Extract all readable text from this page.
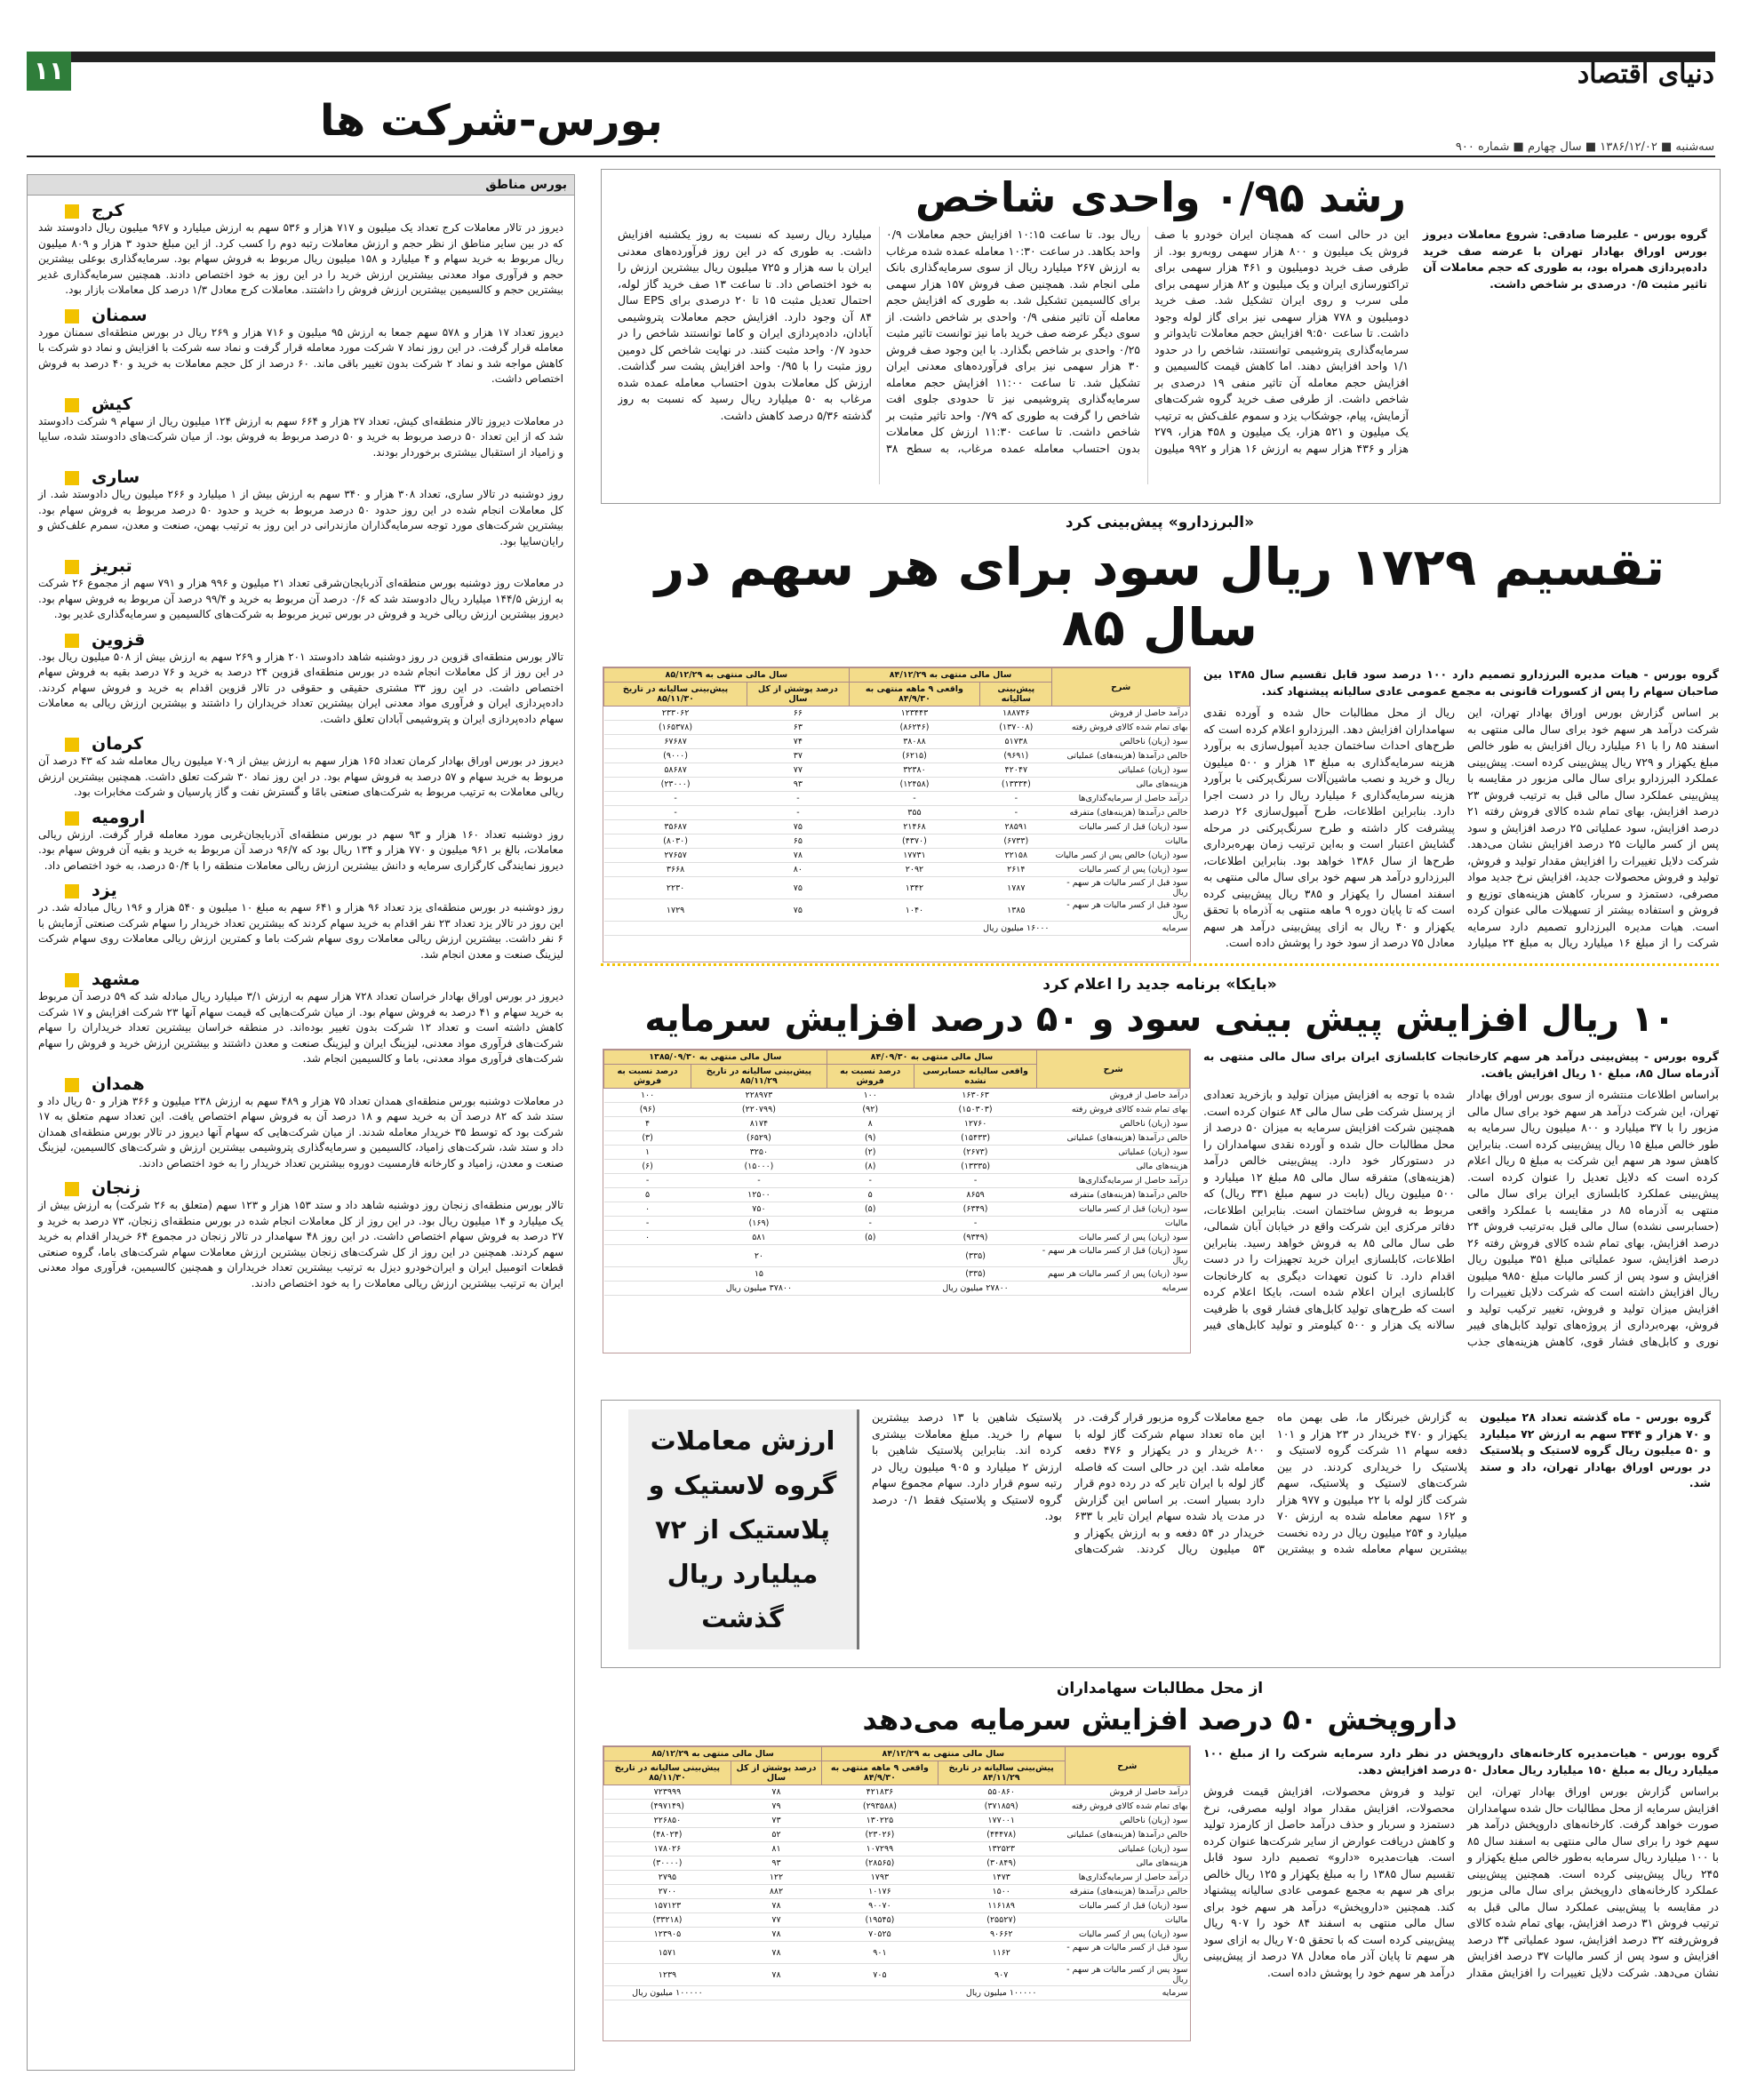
۱۱
بورس-شرکت ها
دنیای اقتصاد
سه‌شنبه ■ ۱۳۸۶/۱۲/۰۲ ■ سال چهارم ■ شماره ۹۰۰
بورس مناطق
کرج
دیروز در تالار معاملات کرج تعداد یک میلیون و ۷۱۷ هزار و ۵۳۶ سهم به ارزش میلیارد و ۹۶۷ میلیون ریال دادوستد شد که در بین سایر مناطق از نظر حجم و ارزش معاملات رتبه دوم را کسب کرد. از این مبلغ حدود ۳ هزار و ۸۰۹ میلیون ریال مربوط به خرید سهام و ۴ میلیارد و ۱۵۸ میلیون ریال مربوط به فروش سهام بود. سرمایه‌گذاری بوعلی بیشترین حجم و فرآوری مواد معدنی بیشترین ارزش خرید را در این روز به خود اختصاص دادند. همچنین سرمایه‌گذاری غدیر بیشترین حجم و کالسیمین بیشترین ارزش فروش را داشتند. معاملات کرج معادل ۱/۳ درصد کل معاملات بازار بود.
سمنان
دیروز تعداد ۱۷ هزار و ۵۷۸ سهم جمعا به ارزش ۹۵ میلیون و ۷۱۶ هزار و ۲۶۹ ریال در بورس منطقه‌ای سمنان مورد معامله قرار گرفت. در این روز نماد ۷ شرکت مورد معامله قرار گرفت و نماد سه شرکت با افزایش و نماد دو شرکت با کاهش مواجه شد و نماد ۲ شرکت بدون تغییر باقی ماند. ۶۰ درصد از کل حجم معاملات به خرید و ۴۰ درصد به فروش اختصاص داشت.
کیش
در معاملات دیروز تالار منطقه‌ای کیش، تعداد ۲۷ هزار و ۶۶۴ سهم به ارزش ۱۲۴ میلیون ریال از سهام ۹ شرکت دادوستد شد که از این تعداد ۵۰ درصد مربوط به خرید و ۵۰ درصد مربوط به فروش بود. از میان شرکت‌های دادوستد شده، سایپا و زامیاد از استقبال بیشتری برخوردار بودند.
ساری
روز دوشنبه در تالار ساری، تعداد ۳۰۸ هزار و ۳۴۰ سهم به ارزش بیش از ۱ میلیارد و ۲۶۶ میلیون ریال دادوستد شد. از کل معاملات انجام شده در این روز حدود ۵۰ درصد مربوط به خرید و حدود ۵۰ درصد مربوط به فروش سهام بود. بیشترین شرکت‌های مورد توجه سرمایه‌گذاران مازندرانی در این روز به ترتیب بهمن، صنعت و معدن، سمرم علف‌کش و رایان‌سایپا بود.
تبریز
در معاملات روز دوشنبه بورس منطقه‌ای آذربایجان‌شرقی تعداد ۲۱ میلیون و ۹۹۶ هزار و ۷۹۱ سهم از مجموع ۲۶ شرکت به ارزش ۱۴۴/۵ میلیارد ریال دادوستد شد که ۰/۶ درصد آن مربوط به خرید و ۹۹/۴ درصد آن مربوط به فروش سهام بود. دیروز بیشترین ارزش ریالی خرید و فروش در بورس تبریز مربوط به شرکت‌های کالسیمین و سرمایه‌گذاری غدیر بود.
قزوین
تالار بورس منطقه‌ای قزوین در روز دوشنبه شاهد دادوستد ۲۰۱ هزار و ۲۶۹ سهم به ارزش بیش از ۵۰۸ میلیون ریال بود. در این روز از کل معاملات انجام شده در بورس منطقه‌ای قزوین ۲۴ درصد به خرید و ۷۶ درصد بقیه به فروش سهام اختصاص داشت. در این روز ۳۳ مشتری حقیقی و حقوقی در تالار قزوین اقدام به خرید و فروش سهام کردند. داده‌پردازی ایران و فرآوری مواد معدنی ایران بیشترین تعداد خریداران را داشتند و بیشترین ارزش ریالی به معاملات سهام داده‌پردازی ایران و پتروشیمی آبادان تعلق داشت.
کرمان
دیروز در بورس اوراق بهادار کرمان تعداد ۱۶۵ هزار سهم به ارزش بیش از ۷۰۹ میلیون ریال معامله شد که ۴۳ درصد آن مربوط به خرید سهام و ۵۷ درصد به فروش سهام بود. در این روز نماد ۳۰ شرکت تعلق داشت. همچنین بیشترین ارزش ریالی معاملات به ترتیب مربوط به شرکت‌های صنعتی بامًا و گسترش نفت و گاز پارسیان و شرکت مخابرات بود.
ارومیه
روز دوشنبه تعداد ۱۶۰ هزار و ۹۳ سهم در بورس منطقه‌ای آذربایجان‌غربی مورد معامله قرار گرفت. ارزش ریالی معاملات، بالغ بر ۹۶۱ میلیون و ۷۷۰ هزار و ۱۳۴ ریال بود که ۹۶/۷ درصد آن مربوط به خرید و بقیه آن فروش سهام بود. دیروز نمایندگی کارگزاری سرمایه و دانش بیشترین ارزش ریالی معاملات منطقه را با ۵۰/۴ درصد، به خود اختصاص داد.
یزد
روز دوشنبه در بورس منطقه‌ای یزد تعداد ۹۶ هزار و ۶۴۱ سهم به مبلغ ۱۰ میلیون و ۵۴۰ هزار و ۱۹۶ ریال مبادله شد. در این روز در تالار یزد تعداد ۲۳ نفر اقدام به خرید سهام کردند که بیشترین تعداد خریدار را سهام شرکت صنعتی آزمایش با ۶ نفر داشت. بیشترین ارزش ریالی معاملات روی سهام شرکت باما و کمترین ارزش ریالی معاملات روی سهام شرکت لیزینگ صنعت و معدن انجام شد.
مشهد
دیروز در بورس اوراق بهادار خراسان تعداد ۷۲۸ هزار سهم به ارزش ۳/۱ میلیارد ریال مبادله شد که ۵۹ درصد آن مربوط به خرید سهام و ۴۱ درصد به فروش سهام بود. از میان شرکت‌هایی که قیمت سهام آنها ۲۳ شرکت افزایش و ۱۷ شرکت کاهش داشته است و تعداد ۱۲ شرکت بدون تغییر بوده‌اند. در منطقه خراسان بیشترین تعداد خریداران را سهام شرکت‌های فرآوری مواد معدنی، لیزینگ ایران و لیزینگ صنعت و معدن داشتند و بیشترین ارزش خرید و فروش را سهام شرکت‌های فرآوری مواد معدنی، باما و کالسیمین انجام شد.
همدان
در معاملات دوشنبه بورس منطقه‌ای همدان تعداد ۷۵ هزار و ۴۸۹ سهم به ارزش ۲۳۸ میلیون و ۳۶۶ هزار و ۵۰ ریال داد و ستد شد که ۸۲ درصد آن به خرید سهم و ۱۸ درصد آن به فروش سهام اختصاص یافت. این تعداد سهم متعلق به ۱۷ شرکت بود که توسط ۳۵ خریدار معامله شدند. از میان شرکت‌هایی که سهام آنها دیروز در تالار بورس منطقه‌ای همدان داد و ستد شد، شرکت‌های زامیاد، کالسیمین و سرمایه‌گذاری پتروشیمی بیشترین ارزش و شرکت‌های کالسیمین، لیزینگ صنعت و معدن، زامیاد و کارخانه فارمسیت دوروه بیشترین تعداد خریدار را به خود اختصاص دادند.
زنجان
تالار بورس منطقه‌ای زنجان روز دوشنبه شاهد داد و ستد ۱۵۳ هزار و ۱۲۳ سهم (متعلق به ۲۶ شرکت) به ارزش بیش از یک میلیارد و ۱۴ میلیون ریال بود. در این روز از کل معاملات انجام شده در بورس منطقه‌ای زنجان، ۷۳ درصد به خرید و ۲۷ درصد به فروش سهام اختصاص داشت. در این روز ۴۸ سهامدار در تالار زنجان در مجموع ۶۴ خریدار اقدام به خرید سهم کردند. همچنین در این روز از کل شرکت‌های زنجان بیشترین ارزش معاملات سهام شرکت‌های باما، گروه صنعتی قطعات اتومبیل ایران و ایران‌خودرو دیزل به ترتیب بیشترین تعداد خریداران و همچنین کالسیمین، فرآوری مواد معدنی ایران به ترتیب بیشترین ارزش ریالی معاملات را به خود اختصاص دادند.
رشد ۰/۹۵ واحدی شاخص
گروه بورس - علیرضا صادقی: شروع معاملات دیروز بورس اوراق بهادار تهران با عرضه صف خرید داده‌پردازی همراه بود، به طوری که حجم معاملات آن تاثیر مثبت ۰/۵ درصدی بر شاخص داشت.
این در حالی است که همچنان ایران خودرو با صف فروش یک میلیون و ۸۰۰ هزار سهمی روبه‌رو بود. از طرفی صف خرید دومیلیون و ۴۶۱ هزار سهمی برای تراکتورسازی ایران و یک میلیون و ۸۲ هزار سهمی برای ملی سرب و روی ایران تشکیل شد. صف خرید دومیلیون و ۷۷۸ هزار سهمی نیز برای گاز لوله وجود داشت. تا ساعت ۹:۵۰ افزایش حجم معاملات تایدواتر و سرمایه‌گذاری پتروشیمی توانستند، شاخص را در حدود ۱/۱ واحد افزایش دهند. اما کاهش قیمت کالسیمین و افزایش حجم معامله آن تاثیر منفی ۱۹ درصدی بر شاخص داشت. از طرفی صف خرید گروه شرکت‌های آزمایش، پیام، جوشکاب یزد و سموم علف‌کش به ترتیب یک میلیون و ۵۲۱ هزار، یک میلیون و ۴۵۸ هزار، ۲۷۹ هزار و ۴۳۶ هزار سهم به ارزش ۱۶ هزار و ۹۹۲ میلیون ریال بود. تا ساعت ۱۰:۱۵ افزایش حجم معاملات ۰/۹ واحد بکاهد. در ساعت ۱۰:۳۰ معامله عمده شده مرغاب به ارزش ۲۶۷ میلیارد ریال از سوی سرمایه‌گذاری بانک ملی انجام شد. همچنین صف فروش ۱۵۷ هزار سهمی برای کالسیمین تشکیل شد. به طوری که افزایش حجم معامله آن تاثیر منفی ۰/۹ واحدی بر شاخص داشت. از سوی دیگر عرضه صف خرید باما نیز توانست تاثیر مثبت ۰/۲۵ واحدی بر شاخص بگذارد. با این وجود صف فروش ۳۰ هزار سهمی نیز برای فرآورده‌های معدنی ایران تشکیل شد. تا ساعت ۱۱:۰۰ افزایش حجم معامله سرمایه‌گذاری پتروشیمی نیز تا حدودی جلوی افت شاخص را گرفت به طوری که ۰/۷۹ واحد تاثیر مثبت بر شاخص داشت. تا ساعت ۱۱:۳۰ ارزش کل معاملات بدون احتساب معامله عمده مرغاب، به سطح ۳۸ میلیارد ریال رسید که نسبت به روز یکشنبه افزایش داشت. به طوری که در این روز فرآورده‌های معدنی ایران با سه هزار و ۷۲۵ میلیون ریال بیشترین ارزش را به خود اختصاص داد. تا ساعت ۱۳ صف خرید گاز لوله، احتمال تعدیل مثبت ۱۵ تا ۲۰ درصدی برای EPS سال ۸۴ آن وجود دارد. افزایش حجم معاملات پتروشیمی آبادان، داده‌پردازی ایران و کاما توانستند شاخص را در حدود ۰/۷ واحد مثبت کنند. در نهایت شاخص کل دومین روز مثبت را با ۰/۹۵ واحد افزایش پشت سر گذاشت. ارزش کل معاملات بدون احتساب معامله عمده شده مرغاب به ۵۰ میلیارد ریال رسید که نسبت به روز گذشته ۵/۳۶ درصد کاهش داشت.
«البرزدارو» پیش‌بینی کرد
تقسیم ۱۷۲۹ ریال سود برای هر سهم در سال ۸۵
گروه بورس - هیات مدیره البرزدارو تصمیم دارد ۱۰۰ درصد سود قابل تقسیم سال ۱۳۸۵ بین صاحبان سهام را پس از کسورات قانونی به مجمع عمومی عادی سالیانه پیشنهاد کند.
بر اساس گزارش بورس اوراق بهادار تهران، این شرکت درآمد هر سهم خود برای سال مالی منتهی به اسفند ۸۵ را با ۶۱ میلیارد ریال افزایش به طور خالص مبلغ یکهزار و ۷۲۹ ریال پیش‌بینی کرده است. پیش‌بینی عملکرد البرزدارو برای سال مالی مزبور در مقایسه با پیش‌بینی عملکرد سال مالی قبل به ترتیب فروش ۲۳ درصد افزایش، بهای تمام شده کالای فروش رفته ۲۱ درصد افزایش، سود عملیاتی ۲۵ درصد افزایش و سود پس از کسر مالیات ۲۵ درصد افزایش نشان می‌دهد. شرکت دلایل تغییرات را افزایش مقدار تولید و فروش، تولید و فروش محصولات جدید، افزایش نرخ جدید مواد مصرفی، دستمزد و سربار، کاهش هزینه‌های توزیع و فروش و استفاده بیشتر از تسهیلات مالی عنوان کرده است. هیات مدیره البرزدارو تصمیم دارد سرمایه شرکت را از مبلغ ۱۶ میلیارد ریال به مبلغ ۲۴ میلیارد ریال از محل مطالبات حال شده و آورده نقدی سهامداران افزایش دهد. البرزدارو اعلام کرده است که طرح‌های احداث ساختمان جدید آمپول‌سازی به برآورد هزینه سرمایه‌گذاری به مبلغ ۱۳ هزار و ۵۰۰ میلیون ریال و خرید و نصب ماشین‌آلات سرنگ‌پرکنی با برآورد هزینه سرمایه‌گذاری ۶ میلیارد ریال را در دست اجرا دارد. بنابراین اطلاعات، طرح آمپول‌سازی ۲۶ درصد پیشرفت کار داشته و طرح سرنگ‌پرکنی در مرحله گشایش اعتبار است و به‌این ترتیب زمان بهره‌برداری طرح‌ها از سال ۱۳۸۶ خواهد بود. بنابراین اطلاعات، البرزدارو درآمد هر سهم خود برای سال مالی منتهی به اسفند امسال را یکهزار و ۳۸۵ ریال پیش‌بینی کرده است که تا پایان دوره ۹ ماهه منتهی به آذرماه با تحقق یکهزار و ۴۰ ریال به ازای پیش‌بینی درآمد هر سهم معادل ۷۵ درصد از سود خود را پوشش داده است.
شرح	سال مالی منتهی به ۸۴/۱۲/۲۹		سال مالی منتهی به ۸۵/۱۲/۲۹	
	پیش‌بینی سالیانه	واقعی ۹ ماهه منتهی به ۸۴/۹/۳۰	درصد پوشش از کل سال	پیش‌بینی سالیانه در تاریخ ۸۵/۱۱/۳۰
درآمد حاصل از فروش	۱۸۸۷۴۶	۱۲۳۴۴۳	۶۶	۲۳۳۰۶۲
بهای تمام شده کالای فروش رفته	(۱۳۷۰۰۸)	(۸۶۲۴۶)	۶۳	(۱۶۵۳۷۸)
سود (زیان) ناخالص	۵۱۷۳۸	۳۸۰۸۸	۷۴	۶۷۶۸۷
خالص درآمدها (هزینه‌های) عملیاتی	(۹۶۹۱)	(۶۲۱۵)	۳۷	(۹۰۰۰)
سود (زیان) عملیاتی	۴۲۰۴۷	۳۲۳۸۰	۷۷	۵۸۶۸۷
هزینه‌های مالی	(۱۳۳۳۴)	(۱۲۴۵۸)	۹۳	(۲۳۰۰۰)
درآمد حاصل از سرمایه‌گذاری‌ها	-	-	-	-
خالص درآمدها (هزینه‌های) متفرقه	-	۳۵۵	-	-
سود (زیان) قبل از کسر مالیات	۲۸۵۹۱	۲۱۴۶۸	۷۵	۳۵۶۸۷
مالیات	(۶۷۳۳)	(۴۳۷۰)	۶۵	(۸۰۳۰)
سود (زیان) خالص پس از کسر مالیات	۲۲۱۵۸	۱۷۷۳۱	۷۸	۲۷۶۵۷
سود (زیان) پس از کسر مالیات	۲۶۱۴	۲۰۹۲	۸۰	۳۶۶۸
سود قبل از کسر مالیات هر سهم - ریال	۱۷۸۷	۱۳۴۲	۷۵	۲۲۳۰
سود قبل از کسر مالیات هر سهم - ریال	۱۳۸۵	۱۰۴۰	۷۵	۱۷۲۹
سرمایه	۱۶۰۰۰ میلیون ریال			
«بایکا» برنامه جدید را اعلام کرد
۱۰ ریال افزایش پیش بینی سود و ۵۰ درصد افزایش سرمایه
گروه بورس - پیش‌بینی درآمد هر سهم کارخانجات کابلسازی ایران برای سال مالی منتهی به آذرماه سال ۸۵، مبلغ ۱۰ ریال افزایش یافت.
براساس اطلاعات منتشره از سوی بورس اوراق بهادار تهران، این شرکت درآمد هر سهم خود برای سال مالی مزبور را با ۳۷ میلیارد و ۸۰۰ میلیون ریال سرمایه به طور خالص مبلغ ۱۵ ریال پیش‌بینی کرده است. بنابراین کاهش سود هر سهم این شرکت به مبلغ ۵ ریال اعلام کرده است که دلایل تعدیل را عنوان کرده است. پیش‌بینی عملکرد کابلسازی ایران برای سال مالی منتهی به آذرماه ۸۵ در مقایسه با عملکرد واقعی (حسابرسی نشده) سال مالی قبل به‌ترتیب فروش ۲۴ درصد افزایش، بهای تمام شده کالای فروش رفته ۲۶ درصد افزایش، سود عملیاتی مبلغ ۳۵۱ میلیون ریال افزایش و سود پس از کسر مالیات مبلغ ۹۸۵۰ میلیون ریال افزایش داشته است که شرکت دلایل تغییرات را افزایش میزان تولید و فروش، تغییر ترکیب تولید و فروش، بهره‌برداری از پروژه‌های تولید کابل‌های فیبر نوری و کابل‌های فشار قوی، کاهش هزینه‌های جذب شده با توجه به افزایش میزان تولید و بازخرید تعدادی از پرسنل شرکت طی سال مالی ۸۴ عنوان کرده است. همچنین شرکت افزایش سرمایه به میزان ۵۰ درصد از محل مطالبات حال شده و آورده نقدی سهامداران را در دستورکار خود دارد. پیش‌بینی خالص درآمد (هزینه‌های) متفرقه سال مالی ۸۵ مبلغ ۱۲ میلیارد و ۵۰۰ میلیون ریال (بابت در سهم مبلغ ۳۳۱ ریال) که مربوط به فروش ساختمان است. بنابراین اطلاعات، دفاتر مرکزی این شرکت واقع در خیابان آبان شمالی، طی سال مالی ۸۵ به فروش خواهد رسید. بنابراین اطلاعات، کابلسازی ایران خرید تجهیزات را در دست اقدام دارد. تا کنون تعهدات دیگری به کارخانجات کابلسازی ایران اعلام شده است، بایکا اعلام کرده است که طرح‌های تولید کابل‌های فشار قوی با ظرفیت سالانه یک هزار و ۵۰۰ کیلومتر و تولید کابل‌های فیبر
شرح	سال مالی منتهی به ۸۴/۰۹/۳۰		سال مالی منتهی به ۱۳۸۵/۰۹/۳۰	
	واقعی سالیانه حسابرسی نشده	درصد نسبت به فروش	پیش‌بینی سالیانه در تاریخ ۸۵/۱۱/۲۹	درصد نسبت به فروش
درآمد حاصل از فروش	۱۶۳۰۶۳	۱۰۰	۲۲۸۹۷۳	۱۰۰
بهای تمام شده کالای فروش رفته	(۱۵۰۳۰۳)	(۹۲)	(۲۲۰۷۹۹)	(۹۶)
سود (زیان) ناخالص	۱۲۷۶۰	۸	۸۱۷۴	۴
خالص درآمدها (هزینه‌های) عملیاتی	(۱۵۴۳۳)	(۹)	(۶۵۲۹)	(۳)
سود (زیان) عملیاتی	(۲۶۷۳)	(۲)	۳۲۵۰	۱
هزینه‌های مالی	(۱۳۳۳۵)	(۸)	(۱۵۰۰۰)	(۶)
درآمد حاصل از سرمایه‌گذاری‌ها	-	-	-	-
خالص درآمدها (هزینه‌های) متفرقه	۸۶۵۹	۵	۱۲۵۰۰	۵
سود (زیان) قبل از کسر مالیات	(۶۳۴۹)	(۵)	۷۵۰	۰
مالیات	-	-	(۱۶۹)	-
سود (زیان) پس از کسر مالیات	(۹۳۴۹)	(۵)	۵۸۱	۰
سود (زیان) قبل از کسر مالیات هر سهم - ریال	(۳۳۵)		۲۰	
سود (زیان) پس از کسر مالیات هر سهم	(۳۳۵)		۱۵	
سرمایه	۲۷۸۰۰ میلیون ریال		۳۷۸۰۰ میلیون ریال	
گروه بورس - ماه گذشته تعداد ۲۸ میلیون و ۷۰ هزار و ۳۴۴ سهم به ارزش ۷۲ میلیارد و ۵۰ میلیون ریال گروه لاستیک و پلاستیک در بورس اوراق بهادار تهران، داد و ستد شد.
به گزارش خبرنگار ما، طی بهمن ماه یکهزار و ۴۷۰ خریدار در ۲۳ هزار و ۱۰۱ دفعه سهام ۱۱ شرکت گروه لاستیک و پلاستیک را خریداری کردند. در بین شرکت‌های لاستیک و پلاستیک، سهم شرکت گاز لوله با ۲۲ میلیون و ۹۷۷ هزار و ۱۶۲ سهم معامله شده به ارزش ۷۰ میلیارد و ۲۵۴ میلیون ریال در رده نخست بیشترین سهام معامله شده و بیشترین جمع معاملات گروه مزبور قرار گرفت. در این ماه تعداد سهام شرکت گاز لوله با ۸۰۰ خریدار و در یکهزار و ۴۷۶ دفعه معامله شد. این در حالی است که فاصله گاز لوله با ایران تایر که در رده دوم قرار دارد بسیار است. بر اساس این گزارش در مدت یاد شده سهام ایران تایر با ۶۳۳ خریدار در ۵۴ دفعه و به ارزش یکهزار و ۵۳ میلیون ریال کردند. شرکت‌های پلاستیک شاهین با ۱۳ درصد بیشترین سهام را خرید. مبلغ معاملات بیشتری کرده اند. بنابراین پلاستیک شاهین با ارزش ۲ میلیارد و ۹۰۵ میلیون ریال در رتبه سوم قرار دارد. سهام مجموع سهام گروه لاستیک و پلاستیک فقط ۰/۱ درصد بود.
ارزش معاملات گروه لاستیک و پلاستیک از ۷۲ میلیارد ریال گذشت
از محل مطالبات سهامداران
داروپخش ۵۰ درصد افزایش سرمایه می‌دهد
گروه بورس - هیات‌مدیره کارخانه‌های داروپخش در نظر دارد سرمایه شرکت را از مبلغ ۱۰۰ میلیارد ریال به مبلغ ۱۵۰ میلیارد ریال معادل ۵۰ درصد افزایش دهد.
براساس گزارش بورس اوراق بهادار تهران، این افزایش سرمایه از محل مطالبات حال شده سهامداران صورت خواهد گرفت. کارخانه‌های داروپخش درآمد هر سهم خود را برای سال مالی منتهی به اسفند سال ۸۵ با ۱۰۰ میلیارد ریال سرمایه به‌طور خالص مبلغ یکهزار و ۲۴۵ ریال پیش‌بینی کرده است. همچنین پیش‌بینی عملکرد کارخانه‌های داروپخش برای سال مالی مزبور در مقایسه با پیش‌بینی عملکرد سال مالی قبل به ترتیب فروش ۳۱ درصد افزایش، بهای تمام شده کالای فروش‌رفته ۳۲ درصد افزایش، سود عملیاتی ۳۴ درصد افزایش و سود پس از کسر مالیات ۳۷ درصد افزایش نشان می‌دهد. شرکت دلایل تغییرات را افزایش مقدار تولید و فروش محصولات، افزایش قیمت فروش محصولات، افزایش مقدار مواد اولیه مصرفی، نرخ دستمزد و سربار و حذف درآمد حاصل از کارمزد تولید و کاهش دریافت عوارض از سایر شرکت‌ها عنوان کرده است. هیات‌مدیره «دارو» تصمیم دارد سود قابل تقسیم سال ۱۳۸۵ را به مبلغ یکهزار و ۱۲۵ ریال خالص برای هر سهم به مجمع عمومی عادی سالیانه پیشنهاد کند. همچنین «داروپخش» درآمد هر سهم خود برای سال مالی منتهی به اسفند ۸۴ خود را ۹۰۷ ریال پیش‌بینی کرده است که با تحقق ۷۰۵ ریال به ازای سود هر سهم تا پایان آذر ماه معادل ۷۸ درصد از پیش‌بینی درآمد هر سهم خود را پوشش داده است.
شرح	سال مالی منتهی به ۸۴/۱۲/۲۹		سال مالی منتهی به ۸۵/۱۲/۲۹	
	پیش‌بینی سالیانه در تاریخ ۸۴/۱۱/۲۹	واقعی ۹ ماهه منتهی به ۸۴/۹/۳۰	درصد پوشش از کل سال	پیش‌بینی سالیانه در تاریخ ۸۵/۱۱/۳۰
درآمد حاصل از فروش	۵۵۰۸۶۰	۴۲۱۸۳۶	۷۸	۷۲۳۹۹۹
بهای تمام شده کالای فروش رفته	(۳۷۱۸۵۹)	(۲۹۳۵۸۸)	۷۹	(۴۹۷۱۴۹)
سود (زیان) ناخالص	۱۷۷۰۰۱	۱۳۰۲۲۵	۷۳	۲۲۶۸۵۰
خالص درآمدها (هزینه‌های) عملیاتی	(۴۴۴۷۸)	(۲۳۰۲۶)	۵۲	(۴۸۰۲۴)
سود (زیان) عملیاتی	۱۳۲۵۲۳	۱۰۷۲۹۹	۸۱	۱۷۸۰۲۶
هزینه‌های مالی	(۳۰۸۴۹)	(۲۸۵۶۵)	۹۳	(۳۰۰۰۰)
درآمد حاصل از سرمایه‌گذاری‌ها	۱۴۷۳	۱۷۹۳	۱۲۲	۲۷۹۵
خالص درآمدها (هزینه‌های) متفرقه	۱۵۰۰	۱۰۱۷۶	۸۸۲	۲۷۰۰
سود (زیان) قبل از کسر مالیات	۱۱۶۱۸۹	۹۰۰۷۰	۷۸	۱۵۷۱۲۳
مالیات	(۲۵۵۲۷)	(۱۹۵۴۵)	۷۷	(۳۳۲۱۸)
سود (زیان) پس از کسر مالیات	۹۰۶۶۲	۷۰۵۲۵	۷۸	۱۲۳۹۰۵
سود قبل از کسر مالیات هر سهم - ریال	۱۱۶۲	۹۰۱	۷۸	۱۵۷۱
سود پس از کسر مالیات هر سهم - ریال	۹۰۷	۷۰۵	۷۸	۱۲۳۹
سرمایه	۱۰۰۰۰۰ میلیون ریال			۱۰۰۰۰۰ میلیون ریال
